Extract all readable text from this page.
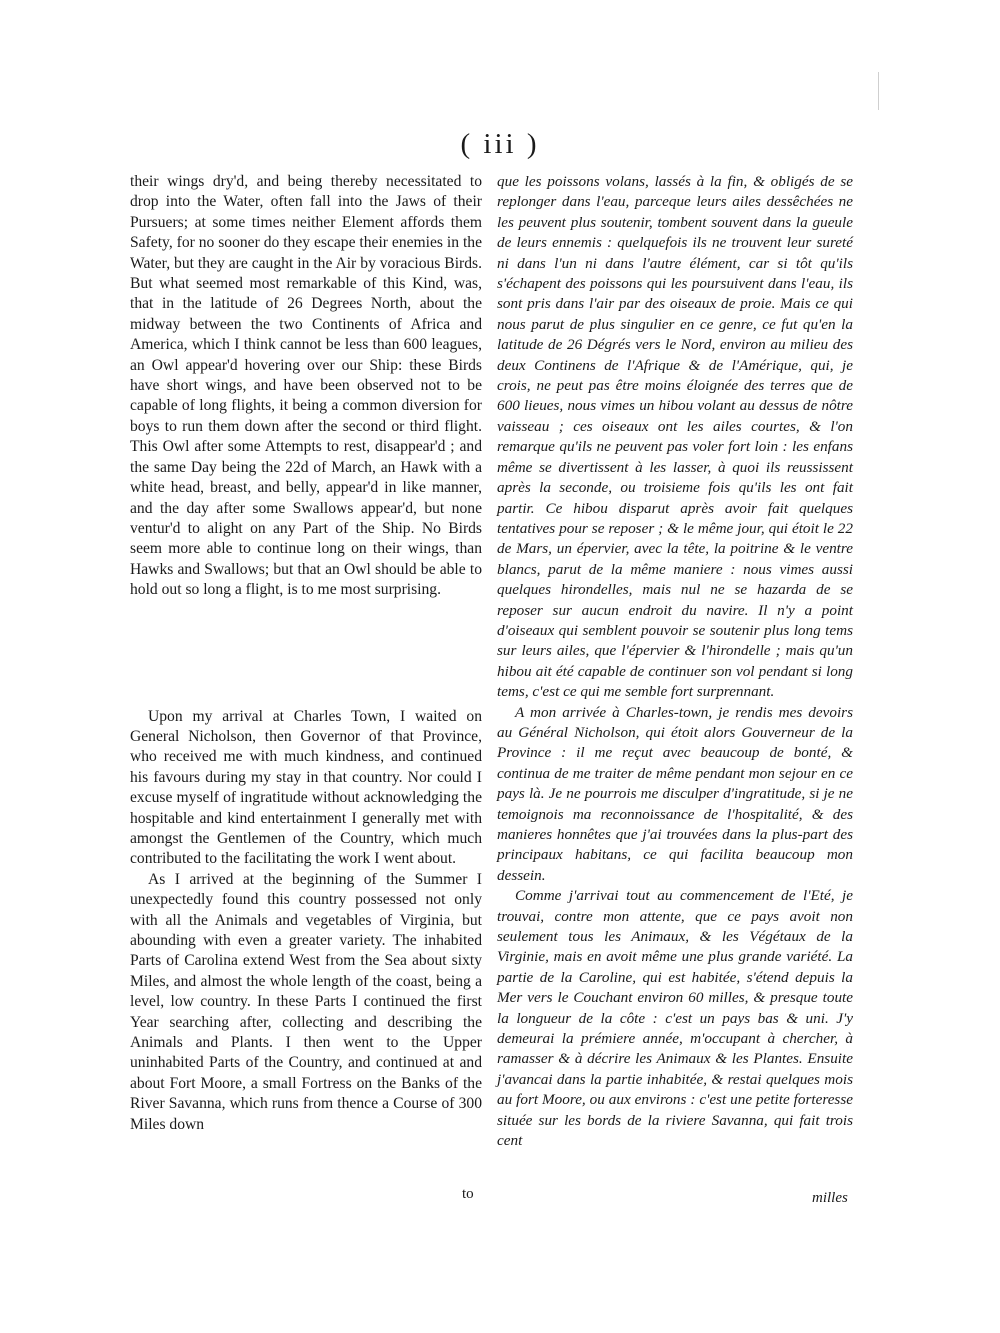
( iii )

their wings dry'd, and being thereby necessitated to drop into the Water, often fall into the Jaws of their Pursuers; at some times neither Element affords them Safety, for no sooner do they escape their enemies in the Water, but they are caught in the Air by voracious Birds. But what seemed most remarkable of this Kind, was, that in the latitude of 26 Degrees North, about the midway between the two Continents of Africa and America, which I think cannot be less than 600 leagues, an Owl appear'd hovering over our Ship: these Birds have short wings, and have been observed not to be capable of long flights, it being a common diversion for boys to run them down after the second or third flight. This Owl after some Attempts to rest, disappear'd ; and the same Day being the 22d of March, an Hawk with a white head, breast, and belly, appear'd in like manner, and the day after some Swallows appear'd, but none ventur'd to alight on any Part of the Ship. No Birds seem more able to continue long on their wings, than Hawks and Swallows; but that an Owl should be able to hold out so long a flight, is to me most surprising.

Upon my arrival at Charles Town, I waited on General Nicholson, then Governor of that Province, who received me with much kindness, and continued his favours during my stay in that country. Nor could I excuse myself of ingratitude without acknowledging the hospitable and kind entertainment I generally met with amongst the Gentlemen of the Country, which much contributed to the facilitating the work I went about.

As I arrived at the beginning of the Summer I unexpectedly found this country possessed not only with all the Animals and vegetables of Virginia, but abounding with even a greater variety. The inhabited Parts of Carolina extend West from the Sea about sixty Miles, and almost the whole length of the coast, being a level, low country. In these Parts I continued the first Year searching after, collecting and describing the Animals and Plants. I then went to the Upper uninhabited Parts of the Country, and continued at and about Fort Moore, a small Fortress on the Banks of the River Savanna, which runs from thence a Course of 300 Miles down

to

que les poissons volans, lassés à la fin, & obligés de se replonger dans l'eau, parceque leurs ailes dessêchées ne les peuvent plus soutenir, tombent souvent dans la gueule de leurs ennemis : quelquefois ils ne trouvent leur sureté ni dans l'un ni dans l'autre élément, car si tôt qu'ils s'échapent des poissons qui les poursuivent dans l'eau, ils sont pris dans l'air par des oiseaux de proie. Mais ce qui nous parut de plus singulier en ce genre, ce fut qu'en la latitude de 26 Dégrés vers le Nord, environ au milieu des deux Continens de l'Afrique & de l'Amérique, qui, je crois, ne peut pas être moins éloignée des terres que de 600 lieues, nous vimes un hibou volant au dessus de nôtre vaisseau ; ces oiseaux ont les ailes courtes, & l'on remarque qu'ils ne peuvent pas voler fort loin : les enfans même se divertissent à les lasser, à quoi ils reussissent après la seconde, ou troisieme fois qu'ils les ont fait partir. Ce hibou disparut après avoir fait quelques tentatives pour se reposer ; & le même jour, qui étoit le 22 de Mars, un épervier, avec la tête, la poitrine & le ventre blancs, parut de la même maniere : nous vimes aussi quelques hirondelles, mais nul ne se hazarda de se reposer sur aucun endroit du navire. Il n'y a point d'oiseaux qui semblent pouvoir se soutenir plus long tems sur leurs ailes, que l'épervier & l'hirondelle ; mais qu'un hibou ait été capable de continuer son vol pendant si long tems, c'est ce qui me semble fort surprennant.

A mon arrivée à Charles-town, je rendis mes devoirs au Général Nicholson, qui étoit alors Gouverneur de la Province : il me reçut avec beaucoup de bonté, & continua de me traiter de même pendant mon sejour en ce pays là. Je ne pourrois me disculper d'ingratitude, si je ne temoignois ma reconnoissance de l'hospitalité, & des manieres honnêtes que j'ai trouvées dans la plus-part des principaux habitans, ce qui facilita beaucoup mon dessein.

Comme j'arrivai tout au commencement de l'Eté, je trouvai, contre mon attente, que ce pays avoit non seulement tous les Animaux, & les Végétaux de la Virginie, mais en avoit même une plus grande variété. La partie de la Caroline, qui est habitée, s'étend depuis la Mer vers le Couchant environ 60 milles, & presque toute la longueur de la côte : c'est un pays bas & uni. J'y demeurai la prémiere année, m'occupant à chercher, à ramasser & à décrire les Animaux & les Plantes. Ensuite j'avancai dans la partie inhabitée, & restai quelques mois au fort Moore, ou aux environs : c'est une petite forteresse située sur les bords de la riviere Savanna, qui fait trois cent

milles
